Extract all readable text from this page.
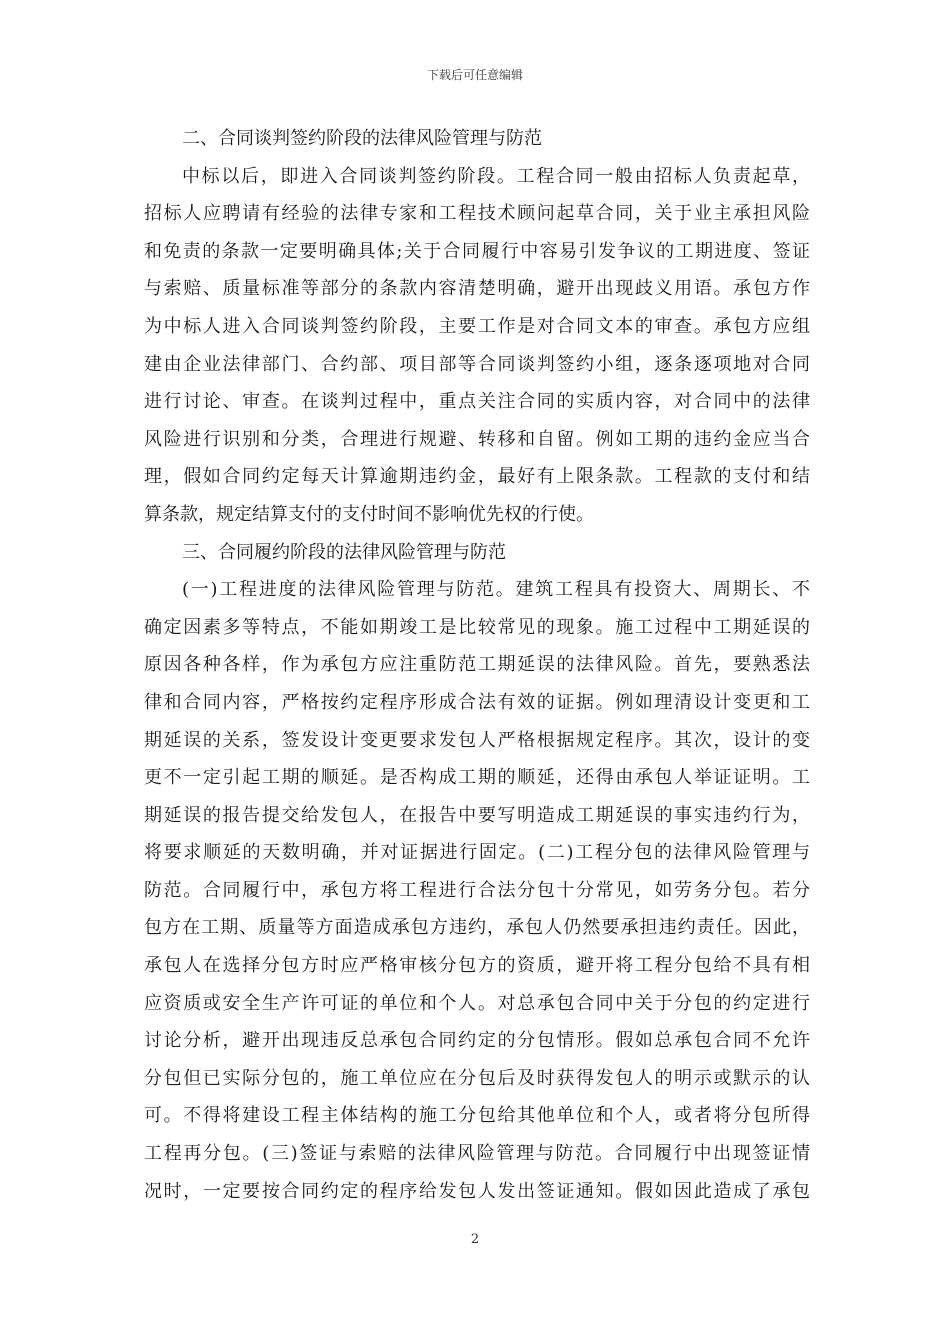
下载后可任意编辑
二、合同谈判签约阶段的法律风险管理与防范
中标以后，即进入合同谈判签约阶段。工程合同一般由招标人负责起草，
招标人应聘请有经验的法律专家和工程技术顾问起草合同，关于业主承担风险
和免责的条款一定要明确具体;关于合同履行中容易引发争议的工期进度、签证
与索赔、质量标准等部分的条款内容清楚明确，避开出现歧义用语。承包方作
为中标人进入合同谈判签约阶段，主要工作是对合同文本的审查。承包方应组
建由企业法律部门、合约部、项目部等合同谈判签约小组，逐条逐项地对合同
进行讨论、审查。在谈判过程中，重点关注合同的实质内容，对合同中的法律
风险进行识别和分类，合理进行规避、转移和自留。例如工期的违约金应当合
理，假如合同约定每天计算逾期违约金，最好有上限条款。工程款的支付和结
算条款，规定结算支付的支付时间不影响优先权的行使。
三、合同履约阶段的法律风险管理与防范
(一)工程进度的法律风险管理与防范。建筑工程具有投资大、周期长、不
确定因素多等特点，不能如期竣工是比较常见的现象。施工过程中工期延误的
原因各种各样，作为承包方应注重防范工期延误的法律风险。首先，要熟悉法
律和合同内容，严格按约定程序形成合法有效的证据。例如理清设计变更和工
期延误的关系，签发设计变更要求发包人严格根据规定程序。其次，设计的变
更不一定引起工期的顺延。是否构成工期的顺延，还得由承包人举证证明。工
期延误的报告提交给发包人，在报告中要写明造成工期延误的事实违约行为，
将要求顺延的天数明确，并对证据进行固定。(二)工程分包的法律风险管理与
防范。合同履行中，承包方将工程进行合法分包十分常见，如劳务分包。若分
包方在工期、质量等方面造成承包方违约，承包人仍然要承担违约责任。因此，
承包人在选择分包方时应严格审核分包方的资质，避开将工程分包给不具有相
应资质或安全生产许可证的单位和个人。对总承包合同中关于分包的约定进行
讨论分析，避开出现违反总承包合同约定的分包情形。假如总承包合同不允许
分包但已实际分包的，施工单位应在分包后及时获得发包人的明示或默示的认
可。不得将建设工程主体结构的施工分包给其他单位和个人，或者将分包所得
工程再分包。(三)签证与索赔的法律风险管理与防范。合同履行中出现签证情
况时，一定要按合同约定的程序给发包人发出签证通知。假如因此造成了承包
2
